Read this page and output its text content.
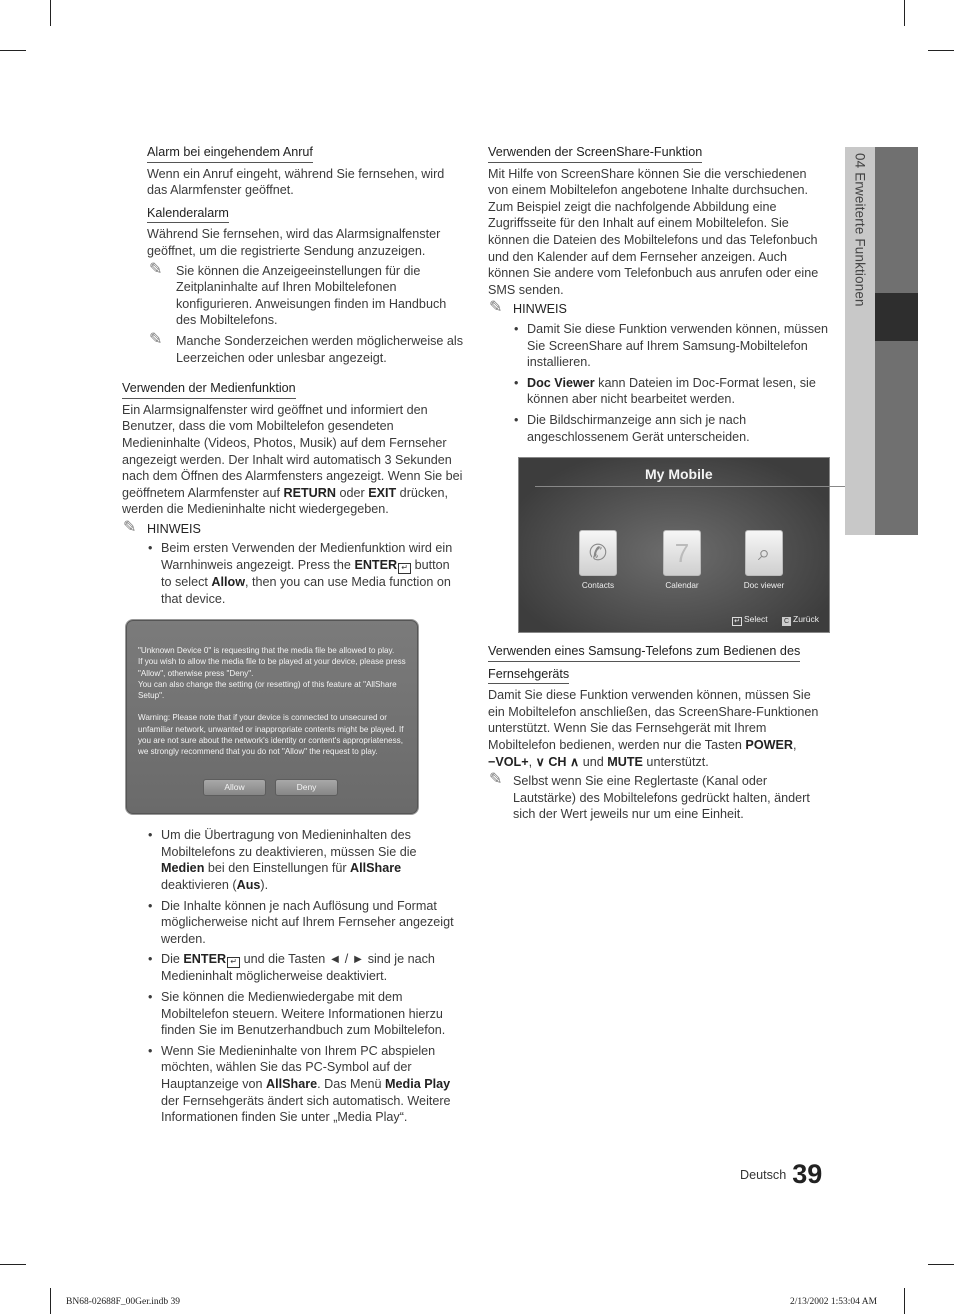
Alarm bei eingehendem Anruf

Wenn ein Anruf eingeht, während Sie fernsehen, wird das Alarmfenster geöffnet.

Kalenderalarm

Während Sie fernsehen, wird das Alarmsignalfenster geöffnet, um die registrierte Sendung anzuzeigen.

✎ Sie können die Anzeigeeinstellungen für die Zeitplaninhalte auf Ihren Mobiltelefonen konfigurieren. Anweisungen finden im Handbuch des Mobiltelefons.
✎ Manche Sonderzeichen werden möglicherweise als Leerzeichen oder unlesbar angezeigt.
Verwenden der Medienfunktion

Ein Alarmsignalfenster wird geöffnet und informiert den Benutzer, dass die vom Mobiltelefon gesendeten Medieninhalte (Videos, Photos, Musik) auf dem Fernseher angezeigt werden. Der Inhalt wird automatisch 3 Sekunden nach dem Öffnen des Alarmfensters angezeigt. Wenn Sie bei geöffnetem Alarmfenster auf RETURN oder EXIT drücken, werden die Medieninhalte nicht wiedergegeben.

✎ HINWEIS
• Beim ersten Verwenden der Medienfunktion wird ein Warnhinweis angezeigt. Press the ENTER ↵ button to select Allow, then you can use Media function on that device.
"Unknown Device 0" is requesting that the media file be allowed to play.
If you wish to allow the media file to be played at your device, please press "Allow", otherwise press "Deny".
You can also change the setting (or resetting) of this feature at "AllShare Setup".

Warning: Please note that if your device is connected to unsecured or unfamiliar network, unwanted or inappropriate contents might be played. If you are not sure about the network's identity or content's appropriateness, we strongly recommend that you do not "Allow" the request to play.
Allow	Deny
• Um die Übertragung von Medieninhalten des Mobiltelefons zu deaktivieren, müssen Sie die Medien bei den Einstellungen für AllShare deaktivieren (Aus).
• Die Inhalte können je nach Auflösung und Format möglicherweise nicht auf Ihrem Fernseher angezeigt werden.
• Die ENTER ↵ und die Tasten ◄ / ► sind je nach Medieninhalt möglicherweise deaktiviert.
• Sie können die Medienwiedergabe mit dem Mobiltelefon steuern. Weitere Informationen hierzu finden Sie im Benutzerhandbuch zum Mobiltelefon.
• Wenn Sie Medieninhalte von Ihrem PC abspielen möchten, wählen Sie das PC-Symbol auf der Hauptanzeige von AllShare. Das Menü Media Play der Fernsehgeräts ändert sich automatisch. Weitere Informationen finden Sie unter „Media Play“.
Verwenden der ScreenShare-Funktion

Mit Hilfe von ScreenShare können Sie die verschiedenen von einem Mobiltelefon angebotene Inhalte durchsuchen. Zum Beispiel zeigt die nachfolgende Abbildung eine Zugriffsseite für den Inhalt auf einem Mobiltelefon. Sie können die Dateien des Mobiltelefons und das Telefonbuch und den Kalender auf dem Fernseher anzeigen. Auch können Sie andere vom Telefonbuch aus anrufen oder eine SMS senden.

✎ HINWEIS
• Damit Sie diese Funktion verwenden können, müssen Sie ScreenShare auf Ihrem Samsung-Mobiltelefon installieren.
• Doc Viewer kann Dateien im Doc-Format lesen, sie können aber nicht bearbeitet werden.
• Die Bildschirmanzeige ann sich je nach angeschlossenem Gerät unterscheiden.
My Mobile
✆
Contacts
7
Calendar
⌕
Doc viewer
↵ Select C Zurück
Verwenden eines Samsung-Telefons zum Bedienen des
Fernsehgeräts

Damit Sie diese Funktion verwenden können, müssen Sie ein Mobiltelefon anschließen, das ScreenShare-Funktionen unterstützt. Wenn Sie das Fernsehgerät mit Ihrem Mobiltelefon bedienen, werden nur die Tasten POWER, −VOL+, ∨ CH ∧ und MUTE unterstützt.

✎ Selbst wenn Sie eine Reglertaste (Kanal oder Lautstärke) des Mobiltelefons gedrückt halten, ändert sich der Wert jeweils nur um eine Einheit.
04 Erweiterte Funktionen
Deutsch 39
BN68-02688F_00Ger.indb 39	2/13/2002 1:53:04 AM
